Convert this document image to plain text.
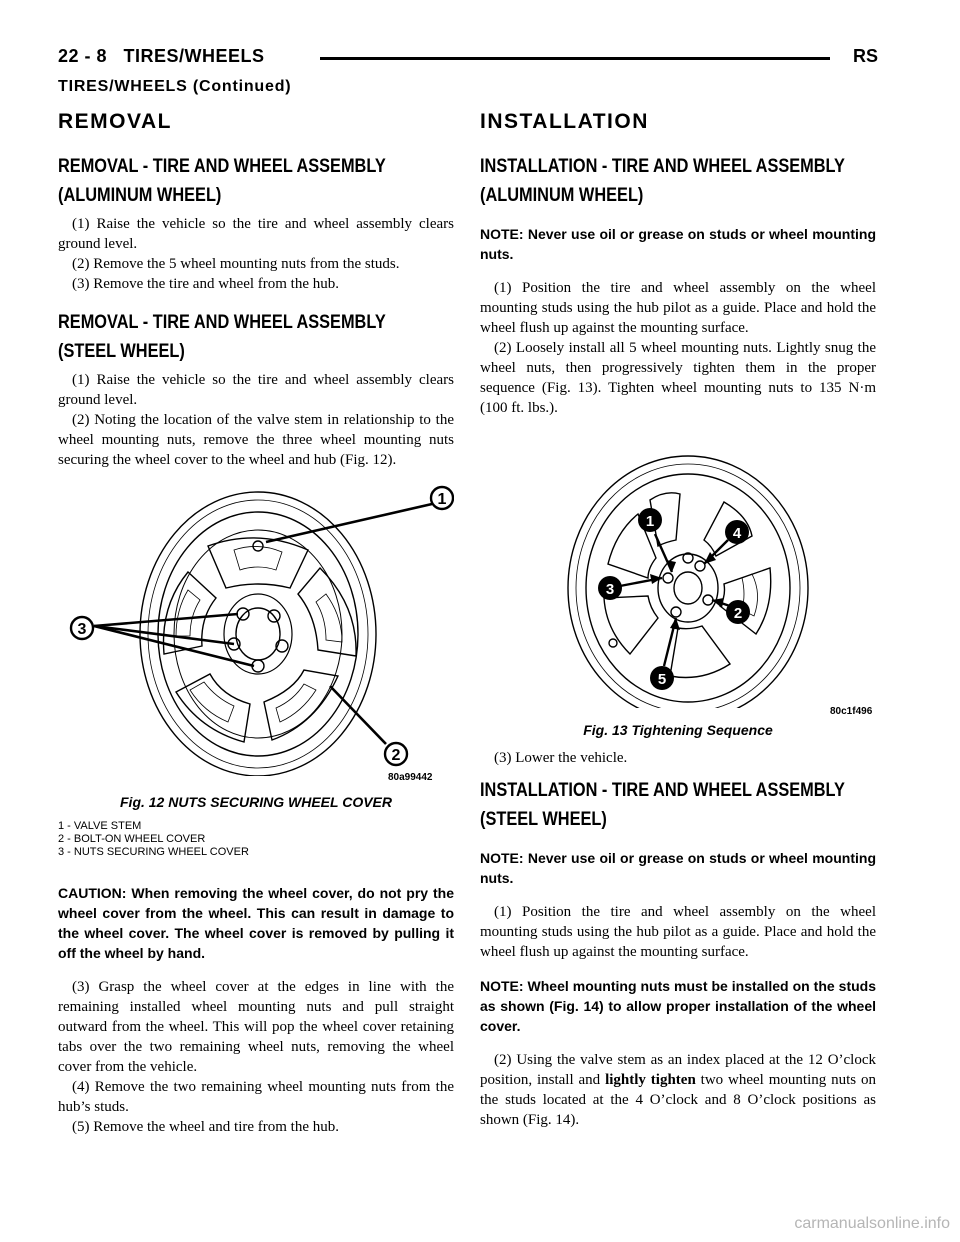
22 - 8 TIRES/WHEELS	RS
TIRES/WHEELS (Continued)
REMOVAL
REMOVAL - TIRE AND WHEEL ASSEMBLY
(ALUMINUM WHEEL)
(1) Raise the vehicle so the tire and wheel assembly clears ground level.
(2) Remove the 5 wheel mounting nuts from the studs.
(3) Remove the tire and wheel from the hub.
REMOVAL - TIRE AND WHEEL ASSEMBLY
(STEEL WHEEL)
(1) Raise the vehicle so the tire and wheel assembly clears ground level.
(2) Noting the location of the valve stem in relationship to the wheel mounting nuts, remove the three wheel mounting nuts securing the wheel cover to the wheel and hub (Fig. 12).
1
3
2
80a99442
Fig. 12 NUTS SECURING WHEEL COVER
1 - VALVE STEM
2 - BOLT-ON WHEEL COVER
3 - NUTS SECURING WHEEL COVER
CAUTION: When removing the wheel cover, do not pry the wheel cover from the wheel. This can result in damage to the wheel cover. The wheel cover is removed by pulling it off the wheel by hand.
(3) Grasp the wheel cover at the edges in line with the remaining installed wheel mounting nuts and pull straight outward from the wheel. This will pop the wheel cover retaining tabs over the two remaining wheel nuts, removing the wheel cover from the vehicle.
(4) Remove the two remaining wheel mounting nuts from the hub’s studs.
(5) Remove the wheel and tire from the hub.
INSTALLATION
INSTALLATION - TIRE AND WHEEL ASSEMBLY
(ALUMINUM WHEEL)
NOTE: Never use oil or grease on studs or wheel mounting nuts.
(1) Position the tire and wheel assembly on the wheel mounting studs using the hub pilot as a guide. Place and hold the wheel flush up against the mounting surface.
(2) Loosely install all 5 wheel mounting nuts. Lightly snug the wheel nuts, then progressively tighten them in the proper sequence (Fig. 13). Tighten wheel mounting nuts to 135 N·m (100 ft. lbs.).
1
4
3
2
5
80c1f496
Fig. 13 Tightening Sequence
(3) Lower the vehicle.
INSTALLATION - TIRE AND WHEEL ASSEMBLY
(STEEL WHEEL)
NOTE: Never use oil or grease on studs or wheel mounting nuts.
(1) Position the tire and wheel assembly on the wheel mounting studs using the hub pilot as a guide. Place and hold the wheel flush up against the mounting surface.
NOTE: Wheel mounting nuts must be installed on the studs as shown (Fig. 14) to allow proper installation of the wheel cover.
(2) Using the valve stem as an index placed at the 12 O’clock position, install and lightly tighten two wheel mounting nuts on the studs located at the 4 O’clock and 8 O’clock positions as shown (Fig. 14).
carmanualsonline.info
